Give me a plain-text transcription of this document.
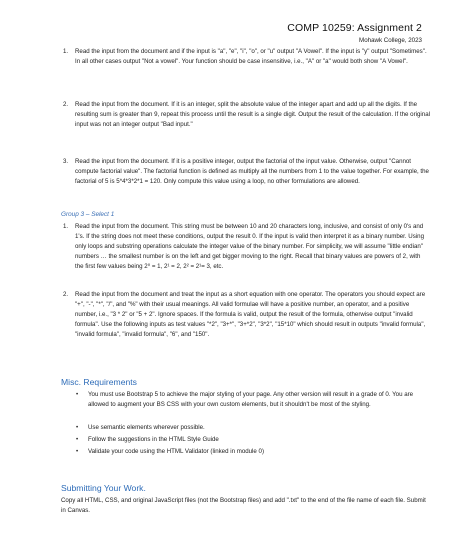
COMP 10259: Assignment 2
Mohawk College, 2023
1. Read the input from the document and if the input is "a", "e", "i", "o", or "u" output "A Vowel". If the input is "y" output "Sometimes". In all other cases output "Not a vowel". Your function should be case insensitive, i.e., "A" or "a" would both show "A Vowel".
2. Read the input from the document. If it is an integer, split the absolute value of the integer apart and add up all the digits. If the resulting sum is greater than 9, repeat this process until the result is a single digit. Output the result of the calculation. If the original input was not an integer output "Bad input."
3. Read the input from the document. If it is a positive integer, output the factorial of the input value. Otherwise, output "Cannot compute factorial value". The factorial function is defined as multiply all the numbers from 1 to the value together. For example, the factorial of 5 is 5*4*3*2*1 = 120. Only compute this value using a loop, no other formulations are allowed.
Group 3 – Select 1
1. Read the input from the document. This string must be between 10 and 20 characters long, inclusive, and consist of only 0's and 1's. If the string does not meet these conditions, output the result 0. If the input is valid then interpret it as a binary number. Using only loops and substring operations calculate the integer value of the binary number. For simplicity, we will assume "little endian" numbers … the smallest number is on the left and get bigger moving to the right. Recall that binary values are powers of 2, with the first few values being 2⁰ = 1, 2¹ = 2, 2² = 2¹= 3, etc.
2. Read the input from the document and treat the input as a short equation with one operator. The operators you should expect are "+", "-", "*", "/", and "%" with their usual meanings. All valid formulae will have a positive number, an operator, and a positive number, i.e., "3 * 2" or "5 + 2". Ignore spaces. If the formula is valid, output the result of the formula, otherwise output "invalid formula". Use the following inputs as test values "*2", "3+*", "3+*2", "3*2", "15*10" which should result in outputs "invalid formula", "invalid formula", "invalid formula", "6", and "150".
Misc. Requirements
• You must use Bootstrap 5 to achieve the major styling of your page. Any other version will result in a grade of 0. You are allowed to augment your BS CSS with your own custom elements, but it shouldn't be most of the styling.
• Use semantic elements wherever possible.
• Follow the suggestions in the HTML Style Guide
• Validate your code using the HTML Validator (linked in module 0)
Submitting Your Work.
Copy all HTML, CSS, and original JavaScript files (not the Bootstrap files) and add ".txt" to the end of the file name of each file. Submit in Canvas.
